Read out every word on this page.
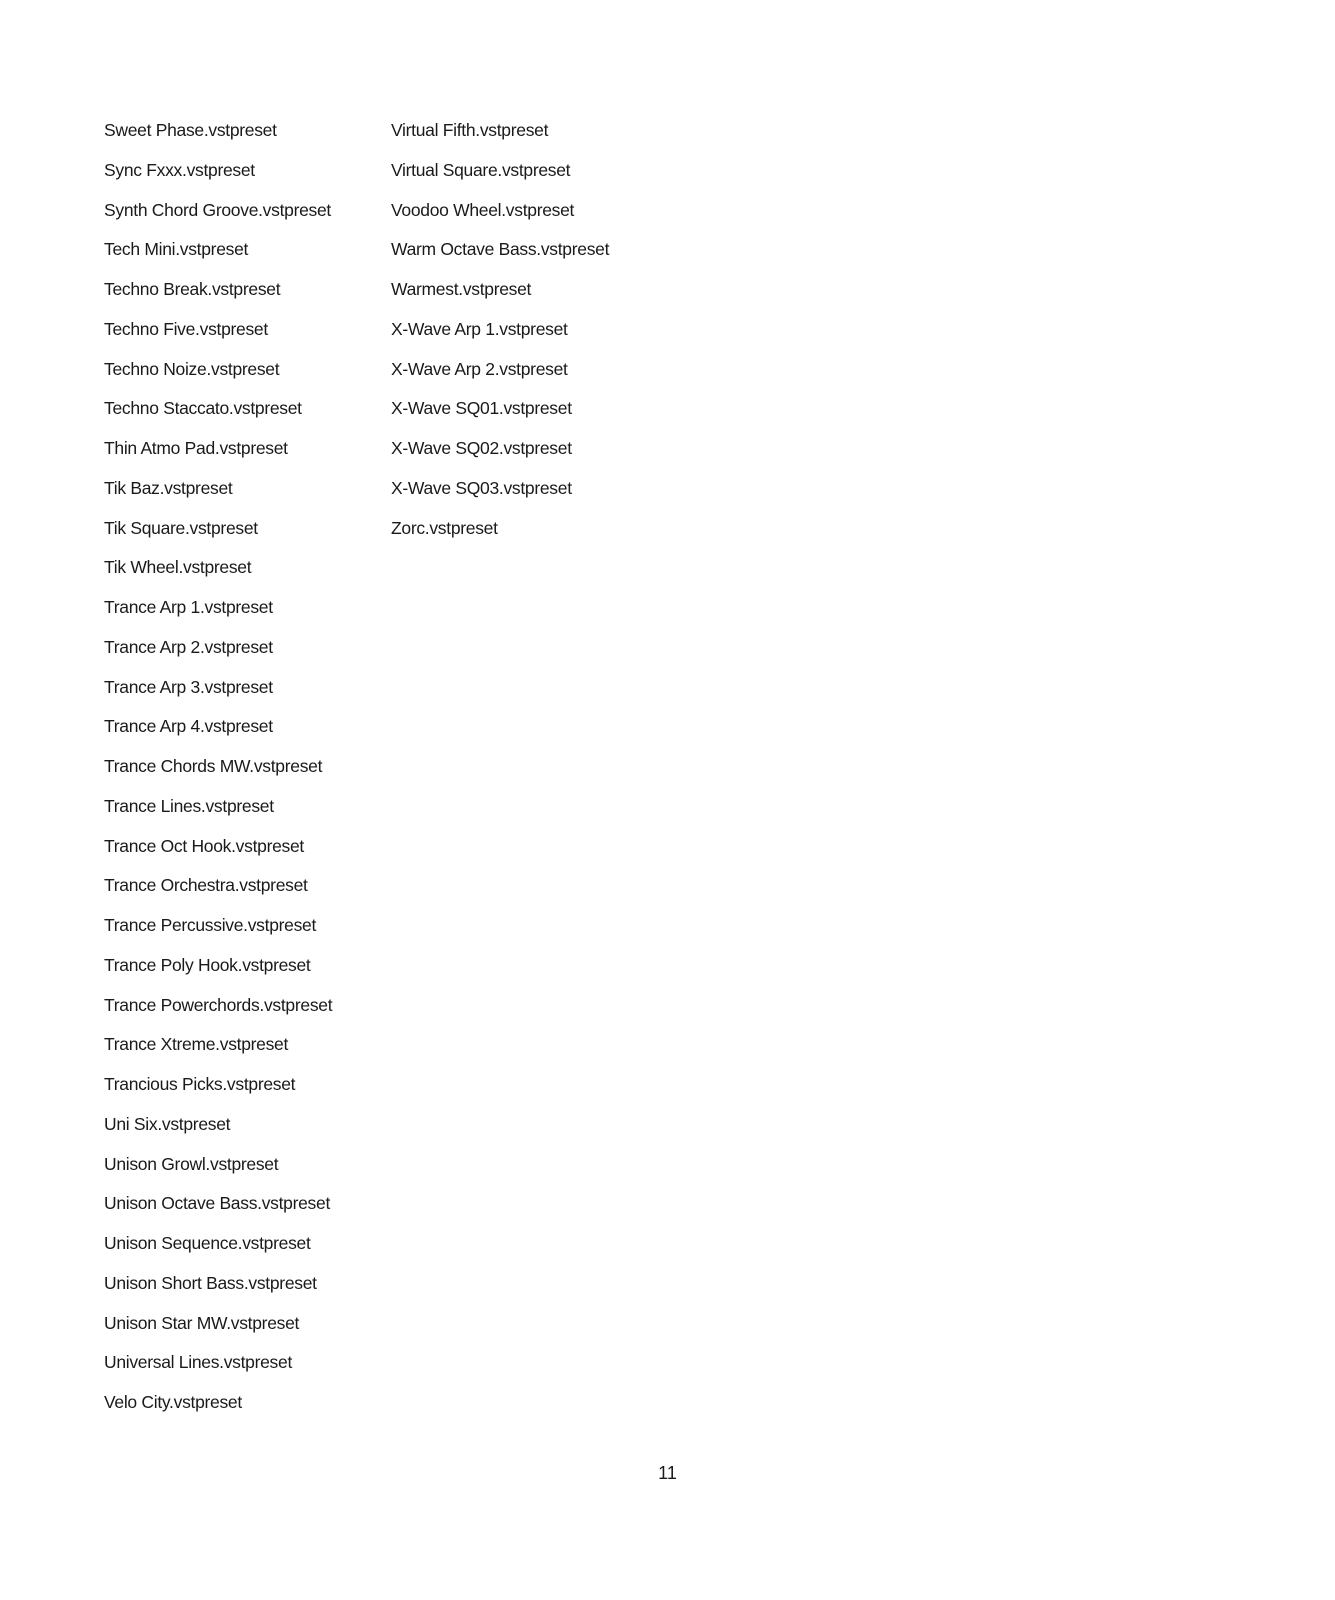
Sweet Phase.vstpreset
Sync Fxxx.vstpreset
Synth Chord Groove.vstpreset
Tech Mini.vstpreset
Techno Break.vstpreset
Techno Five.vstpreset
Techno Noize.vstpreset
Techno Staccato.vstpreset
Thin Atmo Pad.vstpreset
Tik Baz.vstpreset
Tik Square.vstpreset
Tik Wheel.vstpreset
Trance Arp 1.vstpreset
Trance Arp 2.vstpreset
Trance Arp 3.vstpreset
Trance Arp 4.vstpreset
Trance Chords MW.vstpreset
Trance Lines.vstpreset
Trance Oct Hook.vstpreset
Trance Orchestra.vstpreset
Trance Percussive.vstpreset
Trance Poly Hook.vstpreset
Trance Powerchords.vstpreset
Trance Xtreme.vstpreset
Trancious Picks.vstpreset
Uni Six.vstpreset
Unison Growl.vstpreset
Unison Octave Bass.vstpreset
Unison Sequence.vstpreset
Unison Short Bass.vstpreset
Unison Star MW.vstpreset
Universal Lines.vstpreset
Velo City.vstpreset
Virtual Fifth.vstpreset
Virtual Square.vstpreset
Voodoo Wheel.vstpreset
Warm Octave Bass.vstpreset
Warmest.vstpreset
X-Wave Arp 1.vstpreset
X-Wave Arp 2.vstpreset
X-Wave SQ01.vstpreset
X-Wave SQ02.vstpreset
X-Wave SQ03.vstpreset
Zorc.vstpreset
11
